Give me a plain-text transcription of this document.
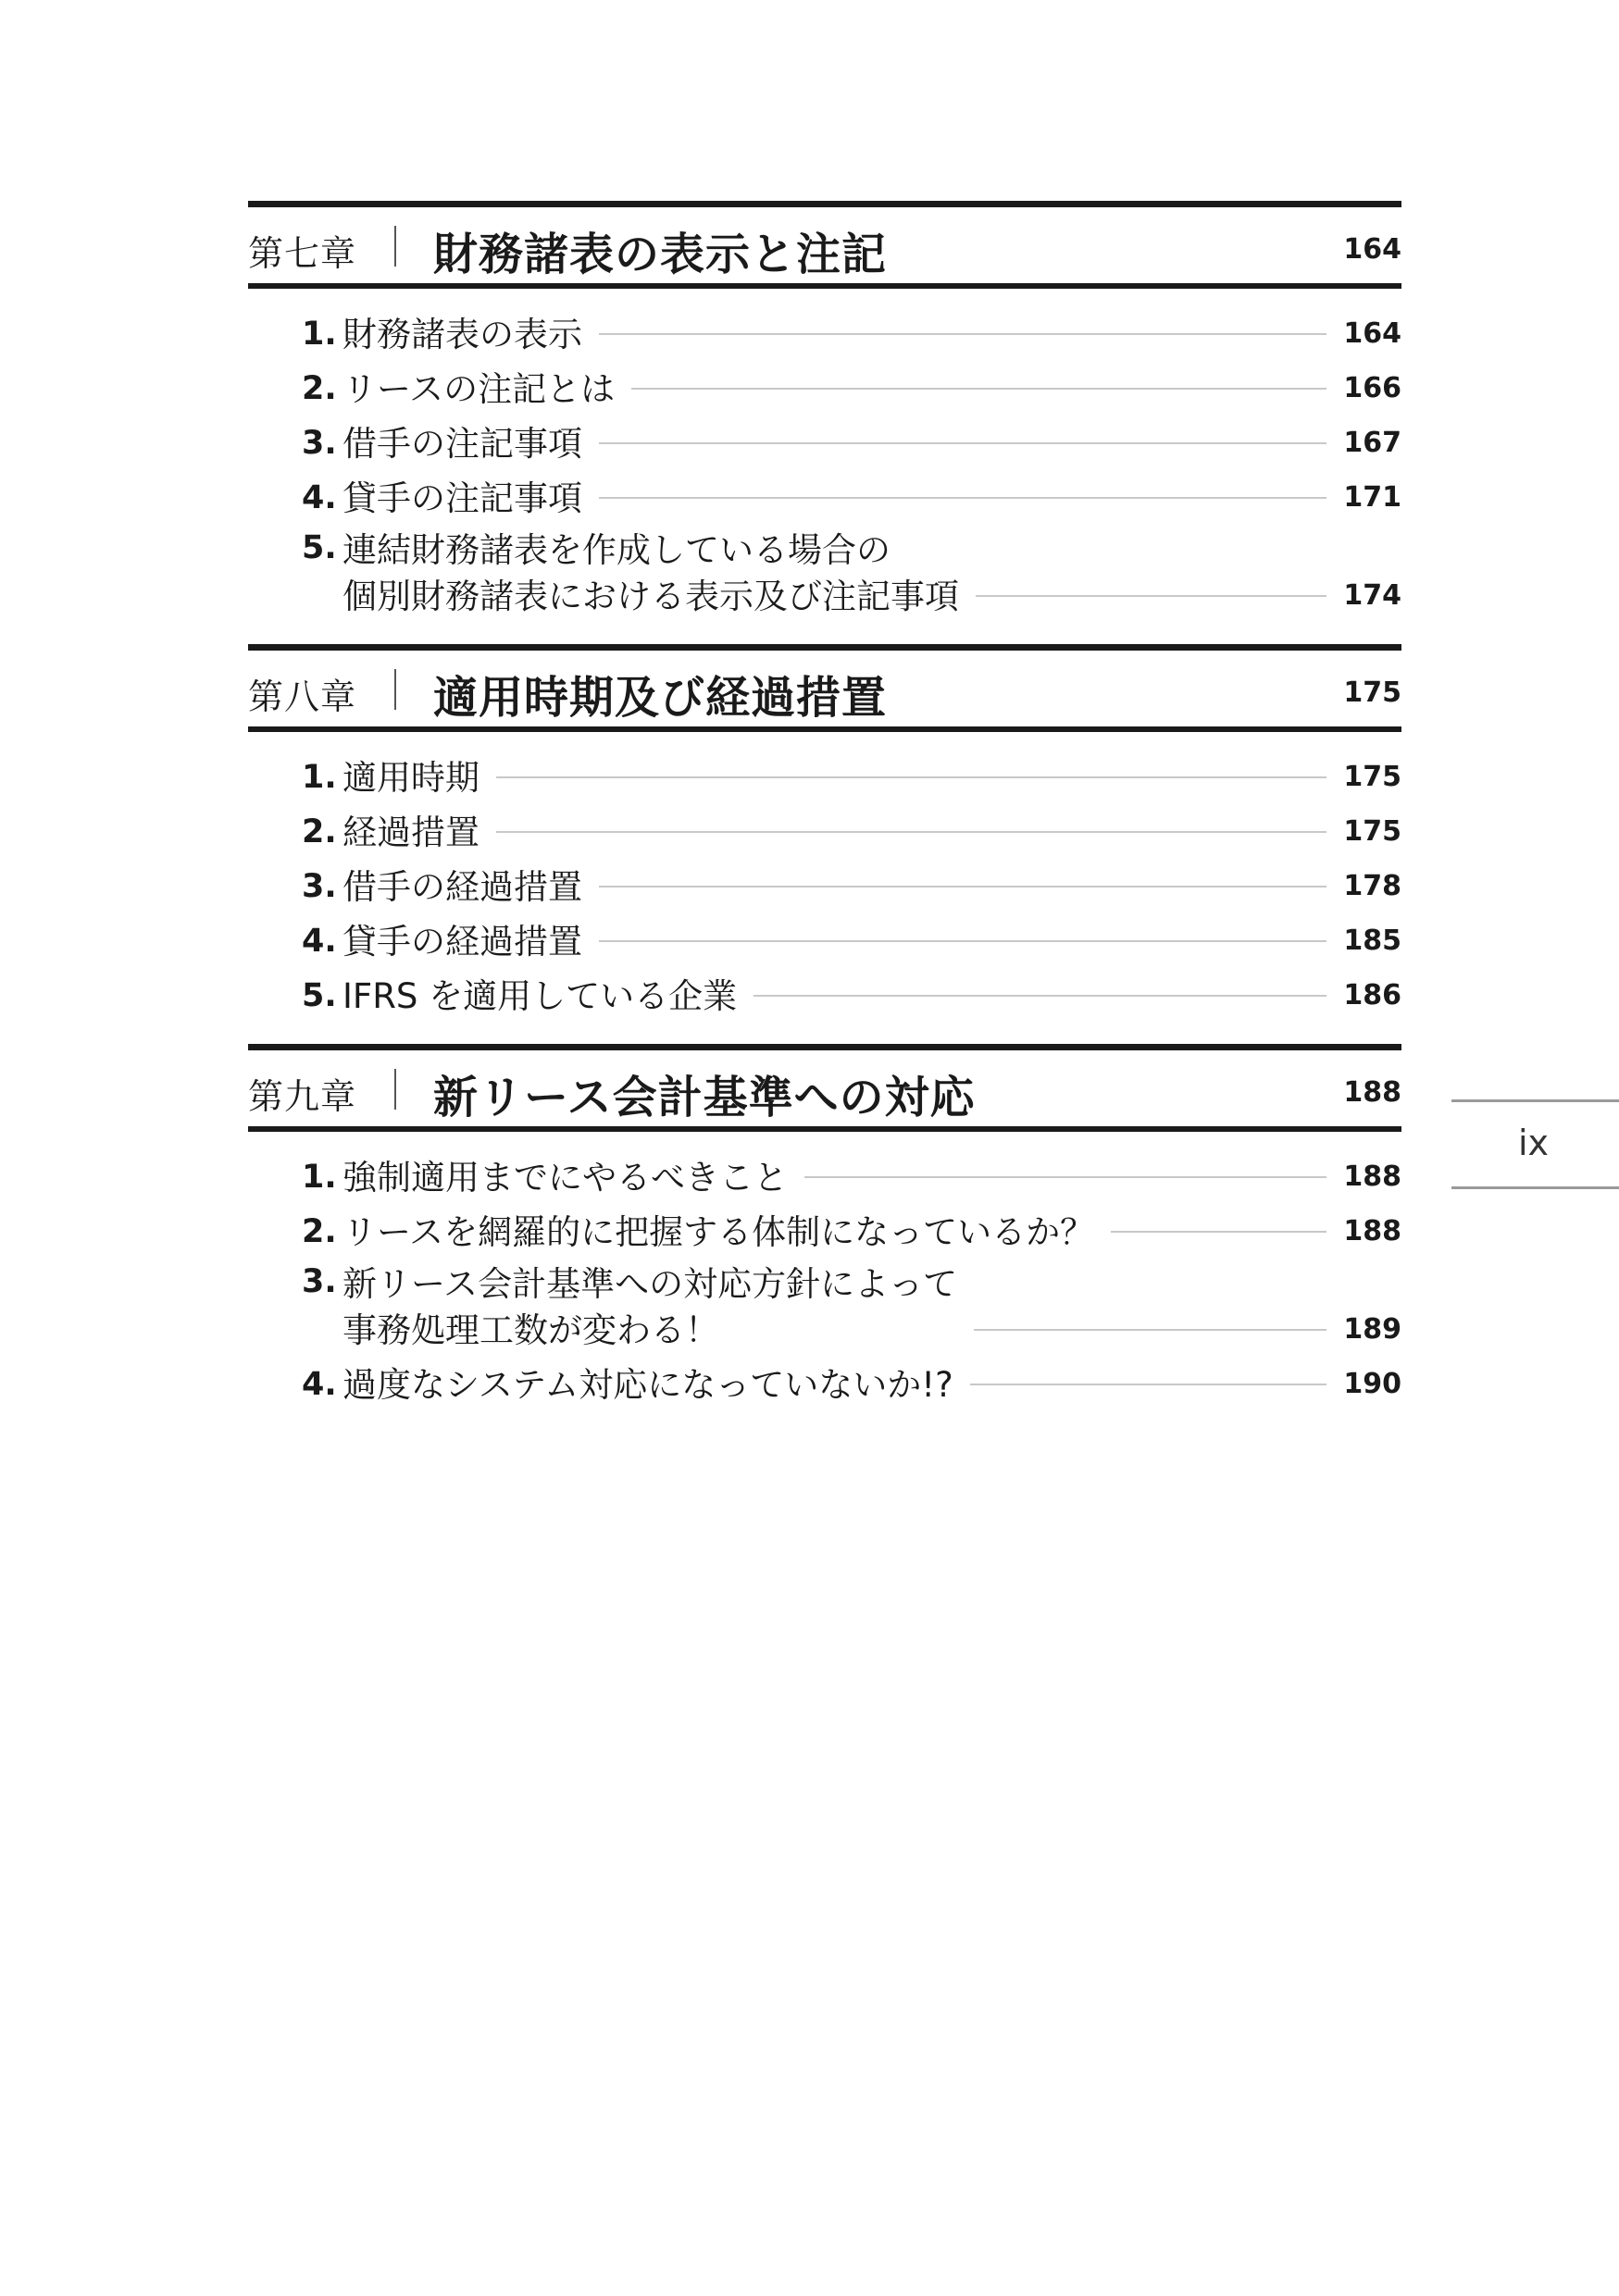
第七章 財務諸表の表示と注記	164
1. 財務諸表の表示	164
2. リースの注記とは	166
3. 借手の注記事項	167
4. 貸手の注記事項	171
5. 連結財務諸表を作成している場合の
個別財務諸表における表示及び注記事項	174
第八章 適用時期及び経過措置	175
1. 適用時期	175
2. 経過措置	175
3. 借手の経過措置	178
4. 貸手の経過措置	185
5. IFRS を適用している企業	186
第九章 新リース会計基準への対応	188
1. 強制適用までにやるべきこと	188
2. リースを網羅的に把握する体制になっているか？	188
3. 新リース会計基準への対応方針によって
事務処理工数が変わる！	189
4. 過度なシステム対応になっていないか!?	190
ix
